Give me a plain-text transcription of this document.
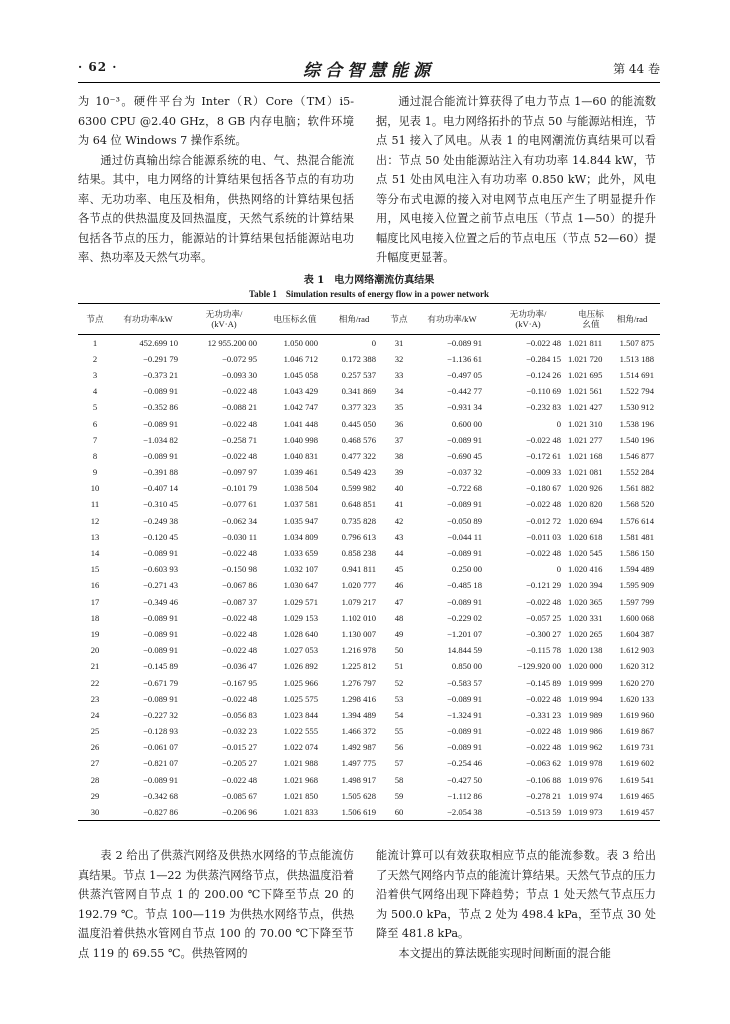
· 62 ·	综合智慧能源	第 44 卷

为 10⁻³。硬件平台为 Inter（R）Core（TM）i5-6300 CPU @2.40 GHz，8 GB 内存电脑；软件环境为 64 位 Windows 7 操作系统。

通过仿真输出综合能源系统的电、气、热混合能流结果。其中，电力网络的计算结果包括各节点的有功功率、无功功率、电压及相角，供热网络的计算结果包括各节点的供热温度及回热温度，天然气系统的计算结果包括各节点的压力，能源站的计算结果包括能源站电功率、热功率及天然气功率。

通过混合能流计算获得了电力节点 1—60 的能流数据，见表 1。电力网络拓扑的节点 50 与能源站相连，节点 51 接入了风电。从表 1 的电网潮流仿真结果可以看出：节点 50 处由能源站注入有功功率 14.844 kW，节点 51 处由风电注入有功功率 0.850 kW；此外，风电等分布式电源的接入对电网节点电压产生了明显提升作用，风电接入位置之前节点电压（节点 1—50）的提升幅度比风电接入位置之后的节点电压（节点 52—60）提升幅度更显著。

表 1　电力网络潮流仿真结果
Table 1　Simulation results of energy flow in a power network
节点	有功功率/kW	无功功率/
(kV·A)	电压标幺值	相角/rad	节点	有功功率/kW	无功功率/
(kV·A)	电压标幺值	相角/rad
1	452.699 10	12 955.200 00	1.050 000	0	31	−0.089 91	−0.022 48	1.021 811	1.507 875
2	−0.291 79	−0.072 95	1.046 712	0.172 388	32	−1.136 61	−0.284 15	1.021 720	1.513 188
3	−0.373 21	−0.093 30	1.045 058	0.257 537	33	−0.497 05	−0.124 26	1.021 695	1.514 691
4	−0.089 91	−0.022 48	1.043 429	0.341 869	34	−0.442 77	−0.110 69	1.021 561	1.522 794
5	−0.352 86	−0.088 21	1.042 747	0.377 323	35	−0.931 34	−0.232 83	1.021 427	1.530 912
6	−0.089 91	−0.022 48	1.041 448	0.445 050	36	0.600 00	0	1.021 310	1.538 196
7	−1.034 82	−0.258 71	1.040 998	0.468 576	37	−0.089 91	−0.022 48	1.021 277	1.540 196
8	−0.089 91	−0.022 48	1.040 831	0.477 322	38	−0.690 45	−0.172 61	1.021 168	1.546 877
9	−0.391 88	−0.097 97	1.039 461	0.549 423	39	−0.037 32	−0.009 33	1.021 081	1.552 284
10	−0.407 14	−0.101 79	1.038 504	0.599 982	40	−0.722 68	−0.180 67	1.020 926	1.561 882
11	−0.310 45	−0.077 61	1.037 581	0.648 851	41	−0.089 91	−0.022 48	1.020 820	1.568 520
12	−0.249 38	−0.062 34	1.035 947	0.735 828	42	−0.050 89	−0.012 72	1.020 694	1.576 614
13	−0.120 45	−0.030 11	1.034 809	0.796 613	43	−0.044 11	−0.011 03	1.020 618	1.581 481
14	−0.089 91	−0.022 48	1.033 659	0.858 238	44	−0.089 91	−0.022 48	1.020 545	1.586 150
15	−0.603 93	−0.150 98	1.032 107	0.941 811	45	0.250 00	0	1.020 416	1.594 489
16	−0.271 43	−0.067 86	1.030 647	1.020 777	46	−0.485 18	−0.121 29	1.020 394	1.595 909
17	−0.349 46	−0.087 37	1.029 571	1.079 217	47	−0.089 91	−0.022 48	1.020 365	1.597 799
18	−0.089 91	−0.022 48	1.029 153	1.102 010	48	−0.229 02	−0.057 25	1.020 331	1.600 068
19	−0.089 91	−0.022 48	1.028 640	1.130 007	49	−1.201 07	−0.300 27	1.020 265	1.604 387
20	−0.089 91	−0.022 48	1.027 053	1.216 978	50	14.844 59	−0.115 78	1.020 138	1.612 903
21	−0.145 89	−0.036 47	1.026 892	1.225 812	51	0.850 00	−129.920 00	1.020 000	1.620 312
22	−0.671 79	−0.167 95	1.025 966	1.276 797	52	−0.583 57	−0.145 89	1.019 999	1.620 270
23	−0.089 91	−0.022 48	1.025 575	1.298 416	53	−0.089 91	−0.022 48	1.019 994	1.620 133
24	−0.227 32	−0.056 83	1.023 844	1.394 489	54	−1.324 91	−0.331 23	1.019 989	1.619 960
25	−0.128 93	−0.032 23	1.022 555	1.466 372	55	−0.089 91	−0.022 48	1.019 986	1.619 867
26	−0.061 07	−0.015 27	1.022 074	1.492 987	56	−0.089 91	−0.022 48	1.019 962	1.619 731
27	−0.821 07	−0.205 27	1.021 988	1.497 775	57	−0.254 46	−0.063 62	1.019 978	1.619 602
28	−0.089 91	−0.022 48	1.021 968	1.498 917	58	−0.427 50	−0.106 88	1.019 976	1.619 541
29	−0.342 68	−0.085 67	1.021 850	1.505 628	59	−1.112 86	−0.278 21	1.019 974	1.619 465
30	−0.827 86	−0.206 96	1.021 833	1.506 619	60	−2.054 38	−0.513 59	1.019 973	1.619 457

表 2 给出了供蒸汽网络及供热水网络的节点能流仿真结果。节点 1—22 为供蒸汽网络节点，供热温度沿着供蒸汽管网自节点 1 的 200.00 ℃下降至节点 20 的 192.79 ℃。节点 100—119 为供热水网络节点，供热温度沿着供热水管网自节点 100 的 70.00 ℃下降至节点 119 的 69.55 ℃。供热管网的

能流计算可以有效获取相应节点的能流参数。表 3 给出了天然气网络内节点的能流计算结果。天然气节点的压力沿着供气网络出现下降趋势；节点 1 处天然气节点压力为 500.0 kPa，节点 2 处为 498.4 kPa，至节点 30 处降至 481.8 kPa。

本文提出的算法既能实现时间断面的混合能
